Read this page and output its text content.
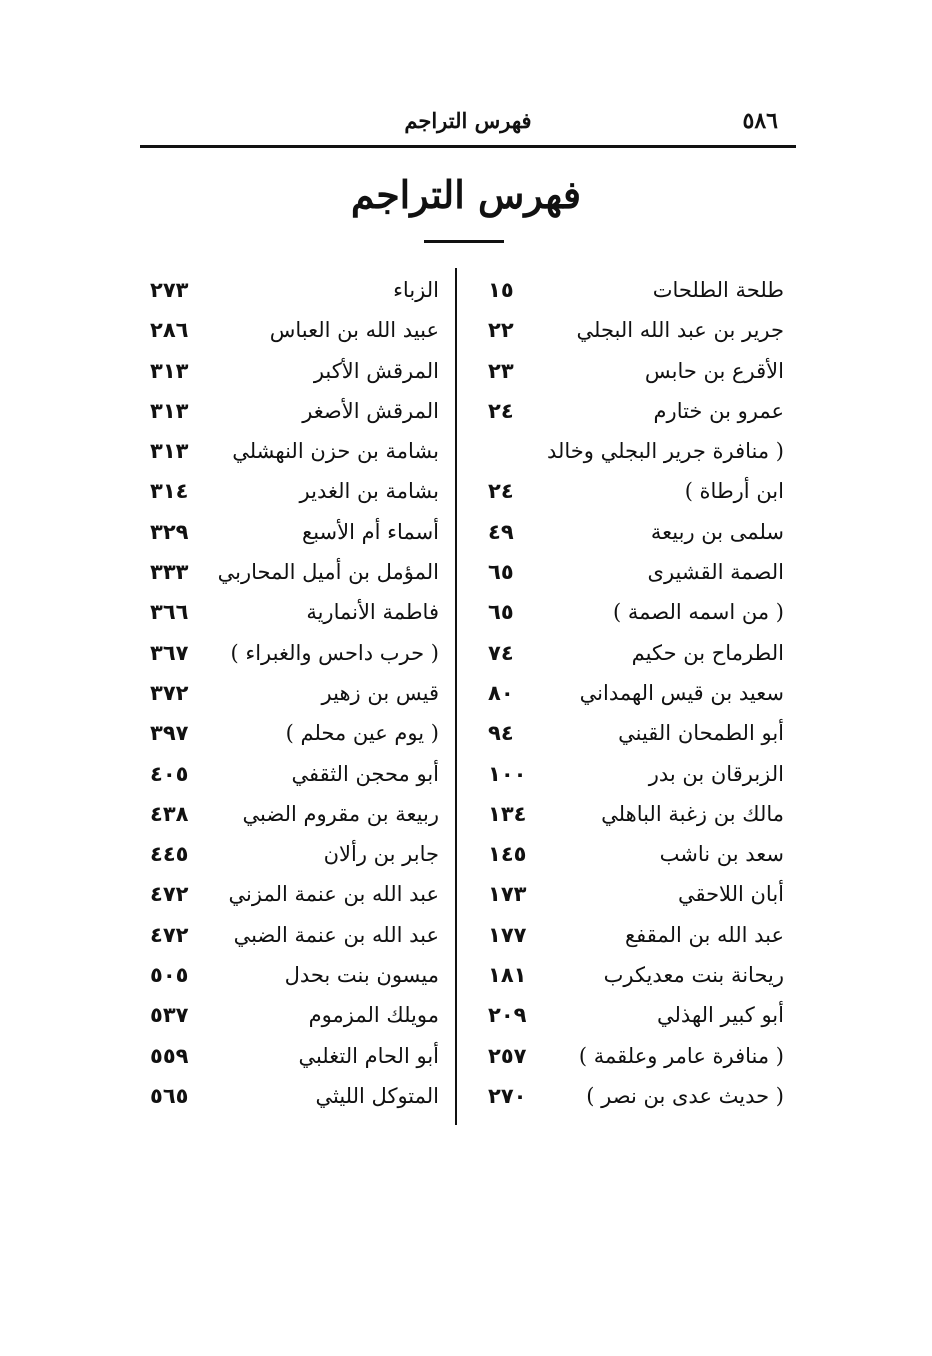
فهرس التراجم	٥٨٦
فهرس التراجم
طلحة الطلحات
١٥
جرير بن عبد الله البجلي
٢٢
الأقرع بن حابس
٢٣
عمرو بن ختارم
٢٤
( منافرة جرير البجلي وخالد
ابن أرطاة )
٢٤
سلمى بن ربيعة
٤٩
الصمة القشيرى
٦٥
( من اسمه الصمة )
٦٥
الطرماح بن حكيم
٧٤
سعيد بن قيس الهمداني
٨٠
أبو الطمحان القيني
٩٤
الزبرقان بن بدر
١٠٠
مالك بن زغبة الباهلي
١٣٤
سعد بن ناشب
١٤٥
أبان اللاحقي
١٧٣
عبد الله بن المقفع
١٧٧
ريحانة بنت معديكرب
١٨١
أبو كبير الهذلي
٢٠٩
( منافرة عامر وعلقمة )
٢٥٧
( حديث عدى بن نصر )
٢٧٠
الزباء
٢٧٣
عبيد الله بن العباس
٢٨٦
المرقش الأكبر
٣١٣
المرقش الأصغر
٣١٣
بشامة بن حزن النهشلي
٣١٣
بشامة بن الغدير
٣١٤
أسماء أم الأسبع
٣٢٩
المؤمل بن أميل المحاربي
٣٣٣
فاطمة الأنمارية
٣٦٦
( حرب داحس والغبراء )
٣٦٧
قيس بن زهير
٣٧٢
( يوم عين محلم )
٣٩٧
أبو محجن الثقفي
٤٠٥
ربيعة بن مقروم الضبي
٤٣٨
جابر بن رألان
٤٤٥
عبد الله بن عنمة المزني
٤٧٢
عبد الله بن عنمة الضبي
٤٧٢
ميسون بنت بحدل
٥٠٥
مويلك المزموم
٥٣٧
أبو الحام التغلبي
٥٥٩
المتوكل الليثي
٥٦٥
